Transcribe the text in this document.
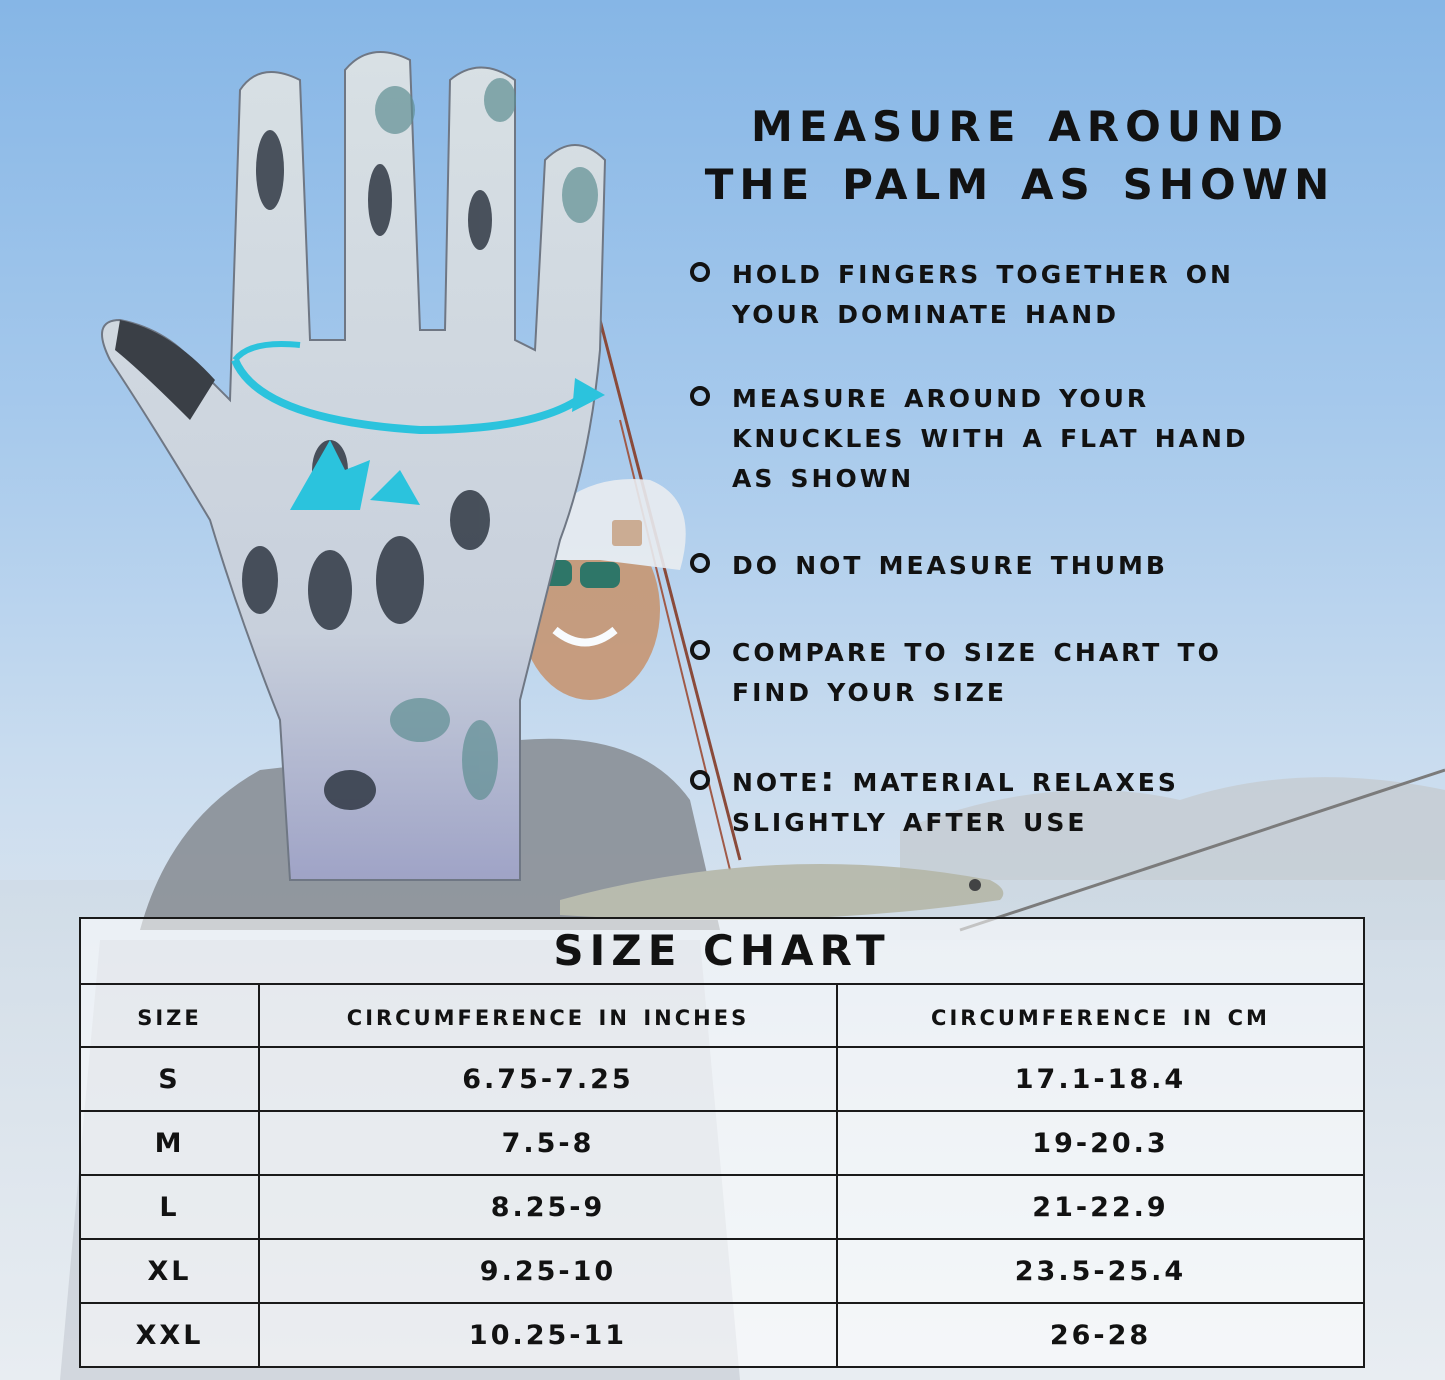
measure around
the palm as shown
hold fingers together on
your dominate hand
measure around your
knuckles with a flat hand
as shown
do not measure thumb
compare to size chart to
find your size
note: material relaxes
slightly after use
SIZE CHART
size	circumference in inches	circumference in cm
S	6.75-7.25	17.1-18.4
M	7.5-8	19-20.3
L	8.25-9	21-22.9
XL	9.25-10	23.5-25.4
XXL	10.25-11	26-28
